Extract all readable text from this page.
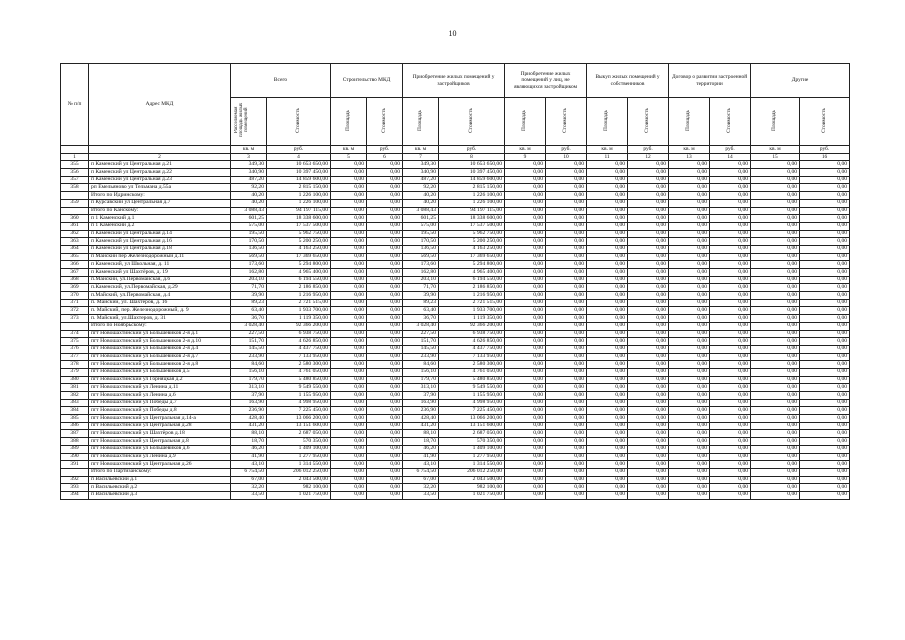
10
№ п/п	Адрес МКД	Всего		Строительство МКД		Приобретение жилых помещений у застройщиков		Приобретение жилых помещений у лиц, не являющихся застройщиком		Выкуп жилых помещений у собственников		Договор о развитии застроенной территории		Другие	
		Расселяемая площадь жилых помещений	Стоимость	Площадь	Стоимость	Площадь	Стоимость	Площадь	Стоимость	Площадь	Стоимость	Площадь	Стоимость	Площадь	Стоимость
		кв. м	руб.	кв. м	руб.	кв. м	руб.	кв. м	руб.	кв. м	руб.	кв. м	руб.	кв. м	руб.
1	2	3	4	5	6	7	8	9	10	11	12	13	14	15	16
355	п Каменский ул Центральная д.21	349,30	10 653 650,00	0,00	0,00	349,30	10 653 650,00	0,00	0,00	0,00	0,00	0,00	0,00	0,00	0,00
356	п Каменский ул Центральная д.22	340,90	10 397 450,00	0,00	0,00	340,90	10 397 450,00	0,00	0,00	0,00	0,00	0,00	0,00	0,00	0,00
357	п Каменский ул Центральная д.23	487,20	14 859 600,00	0,00	0,00	487,20	14 859 600,00	0,00	0,00	0,00	0,00	0,00	0,00	0,00	0,00
358	рп Емельяново ул Тельмана д.55а	92,20	2 815 150,00	0,00	0,00	92,20	2 815 150,00	0,00	0,00	0,00	0,00	0,00	0,00	0,00	0,00
	Итого по Идринскому:	40,20	1 226 100,00	0,00	0,00	40,20	1 226 100,00	0,00	0,00	0,00	0,00	0,00	0,00	0,00	0,00
359	п Курсавский ул Центральная д.7	40,20	1 226 100,00	0,00	0,00	40,20	1 226 100,00	0,00	0,00	0,00	0,00	0,00	0,00	0,00	0,00
	Итого по Канскому:	3 088,43	94 197 115,00	0,00	0,00	3 088,43	94 197 115,00	0,00	0,00	0,00	0,00	0,00	0,00	0,00	0,00
360	п 1 Каменский д.1	601,25	18 338 600,00	0,00	0,00	601,25	18 338 600,00	0,00	0,00	0,00	0,00	0,00	0,00	0,00	0,00
361	п 1 Каменский д.2	575,00	17 537 500,00	0,00	0,00	575,00	17 537 500,00	0,00	0,00	0,00	0,00	0,00	0,00	0,00	0,00
362	п Каменский ул Центральная д.14	195,50	5 962 750,00	0,00	0,00	195,50	5 962 750,00	0,00	0,00	0,00	0,00	0,00	0,00	0,00	0,00
363	п Каменский ул Центральная д.16	170,50	5 200 250,00	0,00	0,00	170,50	5 200 250,00	0,00	0,00	0,00	0,00	0,00	0,00	0,00	0,00
364	п Каменский ул Центральная д.18	136,50	4 163 250,00	0,00	0,00	136,50	4 163 250,00	0,00	0,00	0,00	0,00	0,00	0,00	0,00	0,00
365	п Майский пер Железнодорожный д.11	569,50	17 369 650,00	0,00	0,00	569,50	17 369 650,00	0,00	0,00	0,00	0,00	0,00	0,00	0,00	0,00
366	п Каменский, ул Школьная, д. 11	173,60	5 294 800,00	0,00	0,00	173,60	5 294 800,00	0,00	0,00	0,00	0,00	0,00	0,00	0,00	0,00
367	п Каменский ул Шахтёров, д. 19	162,80	4 965 400,00	0,00	0,00	162,80	4 965 400,00	0,00	0,00	0,00	0,00	0,00	0,00	0,00	0,00
368	п.Майский, ул.Первомайская, д.6	203,10	6 194 550,00	0,00	0,00	203,10	6 194 550,00	0,00	0,00	0,00	0,00	0,00	0,00	0,00	0,00
369	п.Каменский, ул.Первомайская, д.29	71,70	2 186 850,00	0,00	0,00	71,70	2 186 850,00	0,00	0,00	0,00	0,00	0,00	0,00	0,00	0,00
370	п.Майский, ул.Первомайская, д.4	39,90	1 216 950,00	0,00	0,00	39,90	1 216 950,00	0,00	0,00	0,00	0,00	0,00	0,00	0,00	0,00
371	п. Майский, ул. Шахтеров, д. 16	89,23	2 721 515,00	0,00	0,00	89,23	2 721 515,00	0,00	0,00	0,00	0,00	0,00	0,00	0,00	0,00
372	п. Майский, пер. Железнодорожный, д. 9	63,40	1 933 700,00	0,00	0,00	63,40	1 933 700,00	0,00	0,00	0,00	0,00	0,00	0,00	0,00	0,00
373	п. Майский, ул.Шахтеров, д. 31	36,70	1 119 350,00	0,00	0,00	36,70	1 119 350,00	0,00	0,00	0,00	0,00	0,00	0,00	0,00	0,00
	Итого по Ноябрьскому:	3 028,40	92 366 200,00	0,00	0,00	3 028,40	92 366 200,00	0,00	0,00	0,00	0,00	0,00	0,00	0,00	0,00
374	пгт Новошахтинский ул Большевиков 2-я д.1	227,50	6 938 750,00	0,00	0,00	227,50	6 938 750,00	0,00	0,00	0,00	0,00	0,00	0,00	0,00	0,00
375	пгт Новошахтинский ул Большевиков 2-я д.10	151,70	4 626 850,00	0,00	0,00	151,70	4 626 850,00	0,00	0,00	0,00	0,00	0,00	0,00	0,00	0,00
376	пгт Новошахтинский ул Большевиков 2-я д.4	145,50	4 437 750,00	0,00	0,00	145,50	4 437 750,00	0,00	0,00	0,00	0,00	0,00	0,00	0,00	0,00
377	пгт Новошахтинский ул Большевиков 2-я д.7	233,90	7 133 950,00	0,00	0,00	233,90	7 133 950,00	0,00	0,00	0,00	0,00	0,00	0,00	0,00	0,00
378	пгт Новошахтинский ул Большевиков 2-я д.8	84,60	2 580 300,00	0,00	0,00	84,60	2 580 300,00	0,00	0,00	0,00	0,00	0,00	0,00	0,00	0,00
379	пгт Новошахтинский ул Большевиков д.5	156,10	4 761 050,00	0,00	0,00	156,10	4 761 050,00	0,00	0,00	0,00	0,00	0,00	0,00	0,00	0,00
380	пгт Новошахтинский ул Горняцкая д.2	179,70	5 480 850,00	0,00	0,00	179,70	5 480 850,00	0,00	0,00	0,00	0,00	0,00	0,00	0,00	0,00
381	пгт Новошахтинский ул Ленина д.11	313,10	9 549 550,00	0,00	0,00	313,10	9 549 550,00	0,00	0,00	0,00	0,00	0,00	0,00	0,00	0,00
382	пгт Новошахтинский ул Ленина д.6	37,90	1 155 950,00	0,00	0,00	37,90	1 155 950,00	0,00	0,00	0,00	0,00	0,00	0,00	0,00	0,00
383	пгт Новошахтинский ул Победы д.7	163,90	4 998 950,00	0,00	0,00	163,90	4 998 950,00	0,00	0,00	0,00	0,00	0,00	0,00	0,00	0,00
384	пгт Новошахтинский ул Победы д.8	236,90	7 225 450,00	0,00	0,00	236,90	7 225 450,00	0,00	0,00	0,00	0,00	0,00	0,00	0,00	0,00
385	пгт Новошахтинский ул Центральная д.14-а	428,40	13 066 200,00	0,00	0,00	428,40	13 066 200,00	0,00	0,00	0,00	0,00	0,00	0,00	0,00	0,00
386	пгт Новошахтинский ул Центральная д.28	431,20	13 151 600,00	0,00	0,00	431,20	13 151 600,00	0,00	0,00	0,00	0,00	0,00	0,00	0,00	0,00
387	пгт Новошахтинский ул Шахтёров д.18	88,10	2 687 050,00	0,00	0,00	88,10	2 687 050,00	0,00	0,00	0,00	0,00	0,00	0,00	0,00	0,00
388	пгт Новошахтинский ул Центральная д.8	18,70	570 350,00	0,00	0,00	18,70	570 350,00	0,00	0,00	0,00	0,00	0,00	0,00	0,00	0,00
389	пгт Новошахтинский ул Большевиков д.6	46,20	1 409 100,00	0,00	0,00	46,20	1 409 100,00	0,00	0,00	0,00	0,00	0,00	0,00	0,00	0,00
390	пгт Новошахтинский ул Ленина д.9	41,90	1 277 950,00	0,00	0,00	41,90	1 277 950,00	0,00	0,00	0,00	0,00	0,00	0,00	0,00	0,00
391	пгт Новошахтинский ул Центральная д.26	43,10	1 314 550,00	0,00	0,00	43,10	1 314 550,00	0,00	0,00	0,00	0,00	0,00	0,00	0,00	0,00
	Итого по Партизанскому:	6 754,50	206 012 250,00	0,00	0,00	6 754,50	206 012 250,00	0,00	0,00	0,00	0,00	0,00	0,00	0,00	0,00
392	п Васильевский д.1	67,00	2 043 500,00	0,00	0,00	67,00	2 043 500,00	0,00	0,00	0,00	0,00	0,00	0,00	0,00	0,00
393	п Васильевский д.2	32,20	982 100,00	0,00	0,00	32,20	982 100,00	0,00	0,00	0,00	0,00	0,00	0,00	0,00	0,00
394	п Васильевский д.3	33,50	1 021 750,00	0,00	0,00	33,50	1 021 750,00	0,00	0,00	0,00	0,00	0,00	0,00	0,00	0,00
